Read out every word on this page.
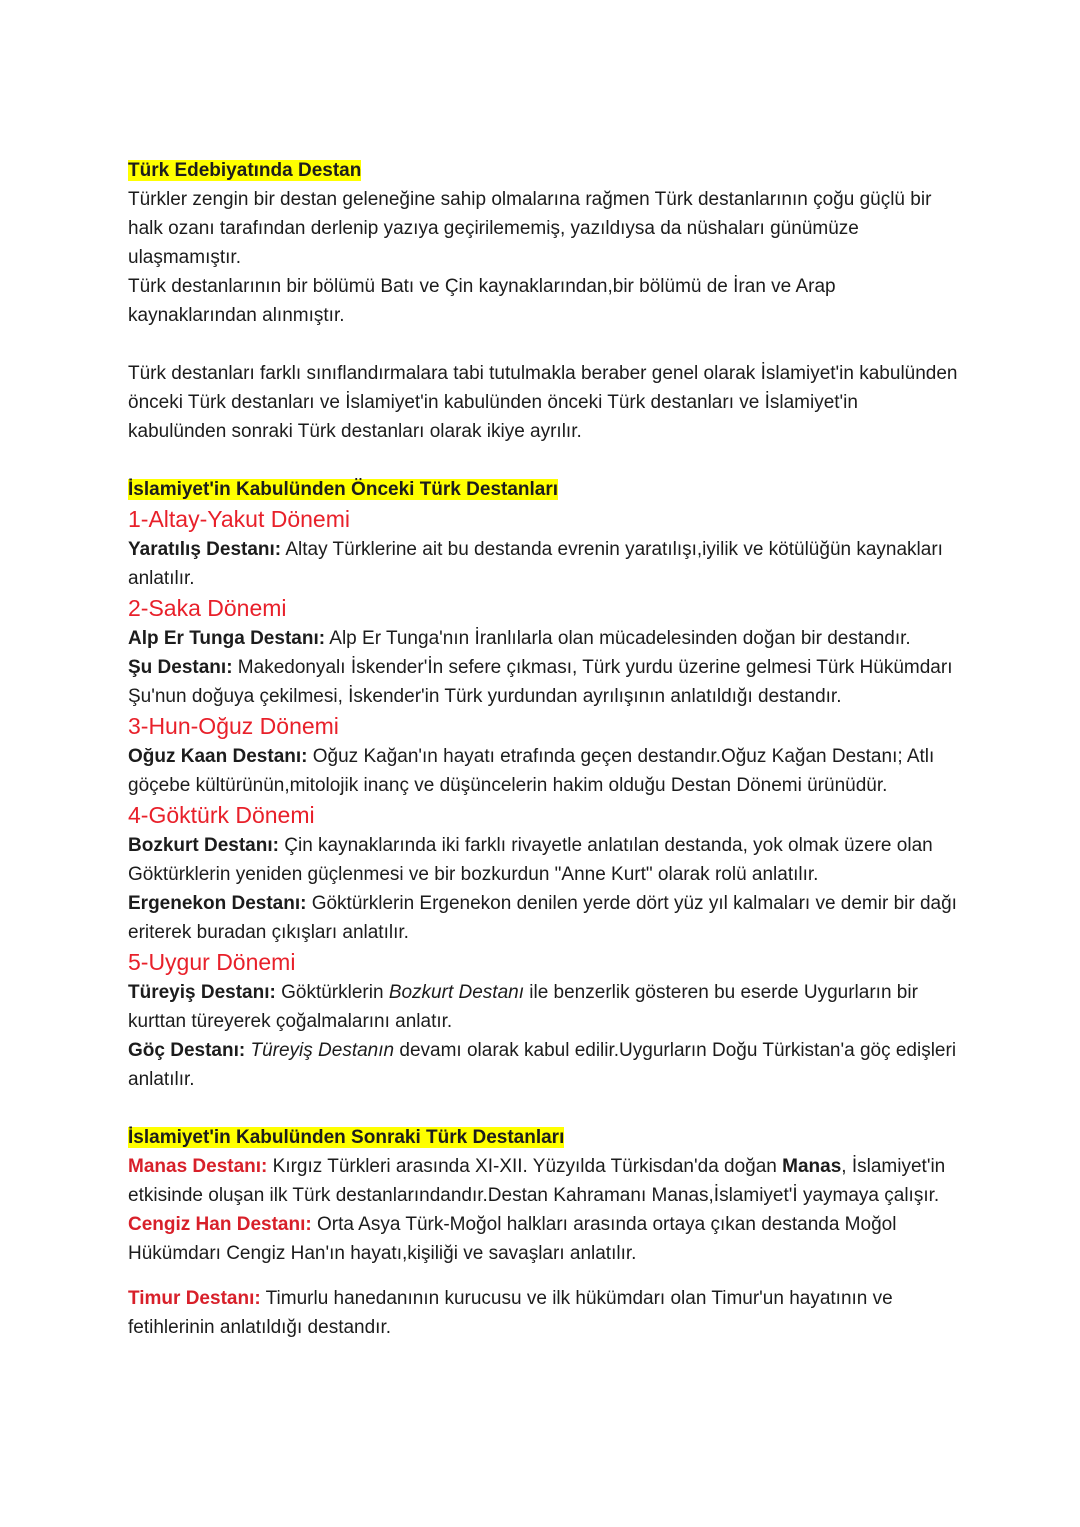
Türk Edebiyatında Destan

Türkler zengin bir destan geleneğine sahip olmalarına rağmen Türk destanlarının çoğu güçlü bir halk ozanı tarafından derlenip yazıya geçirilememiş, yazıldıysa da nüshaları günümüze ulaşmamıştır.

Türk destanlarının bir bölümü Batı ve Çin kaynaklarından,bir bölümü de İran ve Arap kaynaklarından alınmıştır.

Türk destanları farklı sınıflandırmalara tabi tutulmakla beraber genel olarak İslamiyet'in kabulünden önceki Türk destanları ve İslamiyet'in kabulünden önceki Türk destanları ve İslamiyet'in kabulünden sonraki Türk destanları olarak ikiye ayrılır.

İslamiyet'in Kabulünden Önceki Türk Destanları
1-Altay-Yakut Dönemi

Yaratılış Destanı: Altay Türklerine ait bu destanda evrenin yaratılışı,iyilik ve kötülüğün kaynakları anlatılır.

2-Saka Dönemi

Alp Er Tunga Destanı: Alp Er Tunga'nın İranlılarla olan mücadelesinden doğan bir destandır.

Şu Destanı: Makedonyalı İskender'İn sefere çıkması, Türk yurdu üzerine gelmesi Türk Hükümdarı Şu'nun doğuya çekilmesi, İskender'in Türk yurdundan ayrılışının anlatıldığı destandır.

3-Hun-Oğuz Dönemi

Oğuz Kaan Destanı: Oğuz Kağan'ın hayatı etrafında geçen destandır.Oğuz Kağan Destanı; Atlı göçebe kültürünün,mitolojik inanç ve düşüncelerin hakim olduğu Destan Dönemi ürünüdür.

4-Göktürk Dönemi

Bozkurt Destanı: Çin kaynaklarında iki farklı rivayetle anlatılan destanda, yok olmak üzere olan Göktürklerin yeniden güçlenmesi ve bir bozkurdun "Anne Kurt" olarak rolü anlatılır.

Ergenekon Destanı: Göktürklerin Ergenekon denilen yerde dört yüz yıl kalmaları ve demir bir dağı eriterek buradan çıkışları anlatılır.

5-Uygur Dönemi

Türeyiş Destanı: Göktürklerin Bozkurt Destanı ile benzerlik gösteren bu eserde Uygurların bir kurttan türeyerek çoğalmalarını anlatır.

Göç Destanı: Türeyiş Destanın devamı olarak kabul edilir.Uygurların Doğu Türkistan'a göç edişleri anlatılır.

İslamiyet'in Kabulünden Sonraki Türk Destanları

Manas Destanı: Kırgız Türkleri arasında XI-XII. Yüzyılda Türkisdan'da doğan Manas, İslamiyet'in etkisinde oluşan ilk Türk destanlarındandır.Destan Kahramanı Manas,İslamiyet'İ yaymaya çalışır.

Cengiz Han Destanı: Orta Asya Türk-Moğol halkları arasında ortaya çıkan destanda Moğol Hükümdarı Cengiz Han'ın hayatı,kişiliği ve savaşları anlatılır.

Timur Destanı: Timurlu hanedanının kurucusu ve ilk hükümdarı olan Timur'un hayatının ve fetihlerinin anlatıldığı destandır.
